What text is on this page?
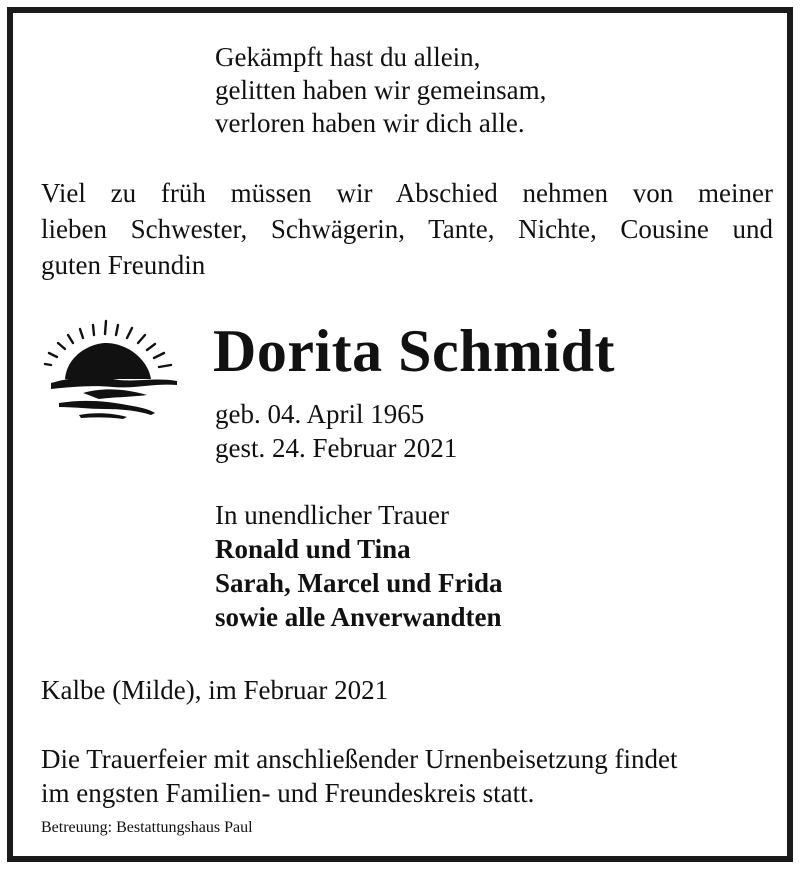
Gekämpft hast du allein,
gelitten haben wir gemeinsam,
verloren haben wir dich alle.
Viel zu früh müssen wir Abschied nehmen von meiner
lieben Schwester, Schwägerin, Tante, Nichte, Cousine und
guten Freundin
Dorita Schmidt
geb. 04. April 1965
gest. 24. Februar 2021
In unendlicher Trauer
Ronald und Tina
Sarah, Marcel und Frida
sowie alle Anverwandten
Kalbe (Milde), im Februar 2021
Die Trauerfeier mit anschließender Urnenbeisetzung findet
im engsten Familien- und Freundeskreis statt.
Betreuung: Bestattungshaus Paul
